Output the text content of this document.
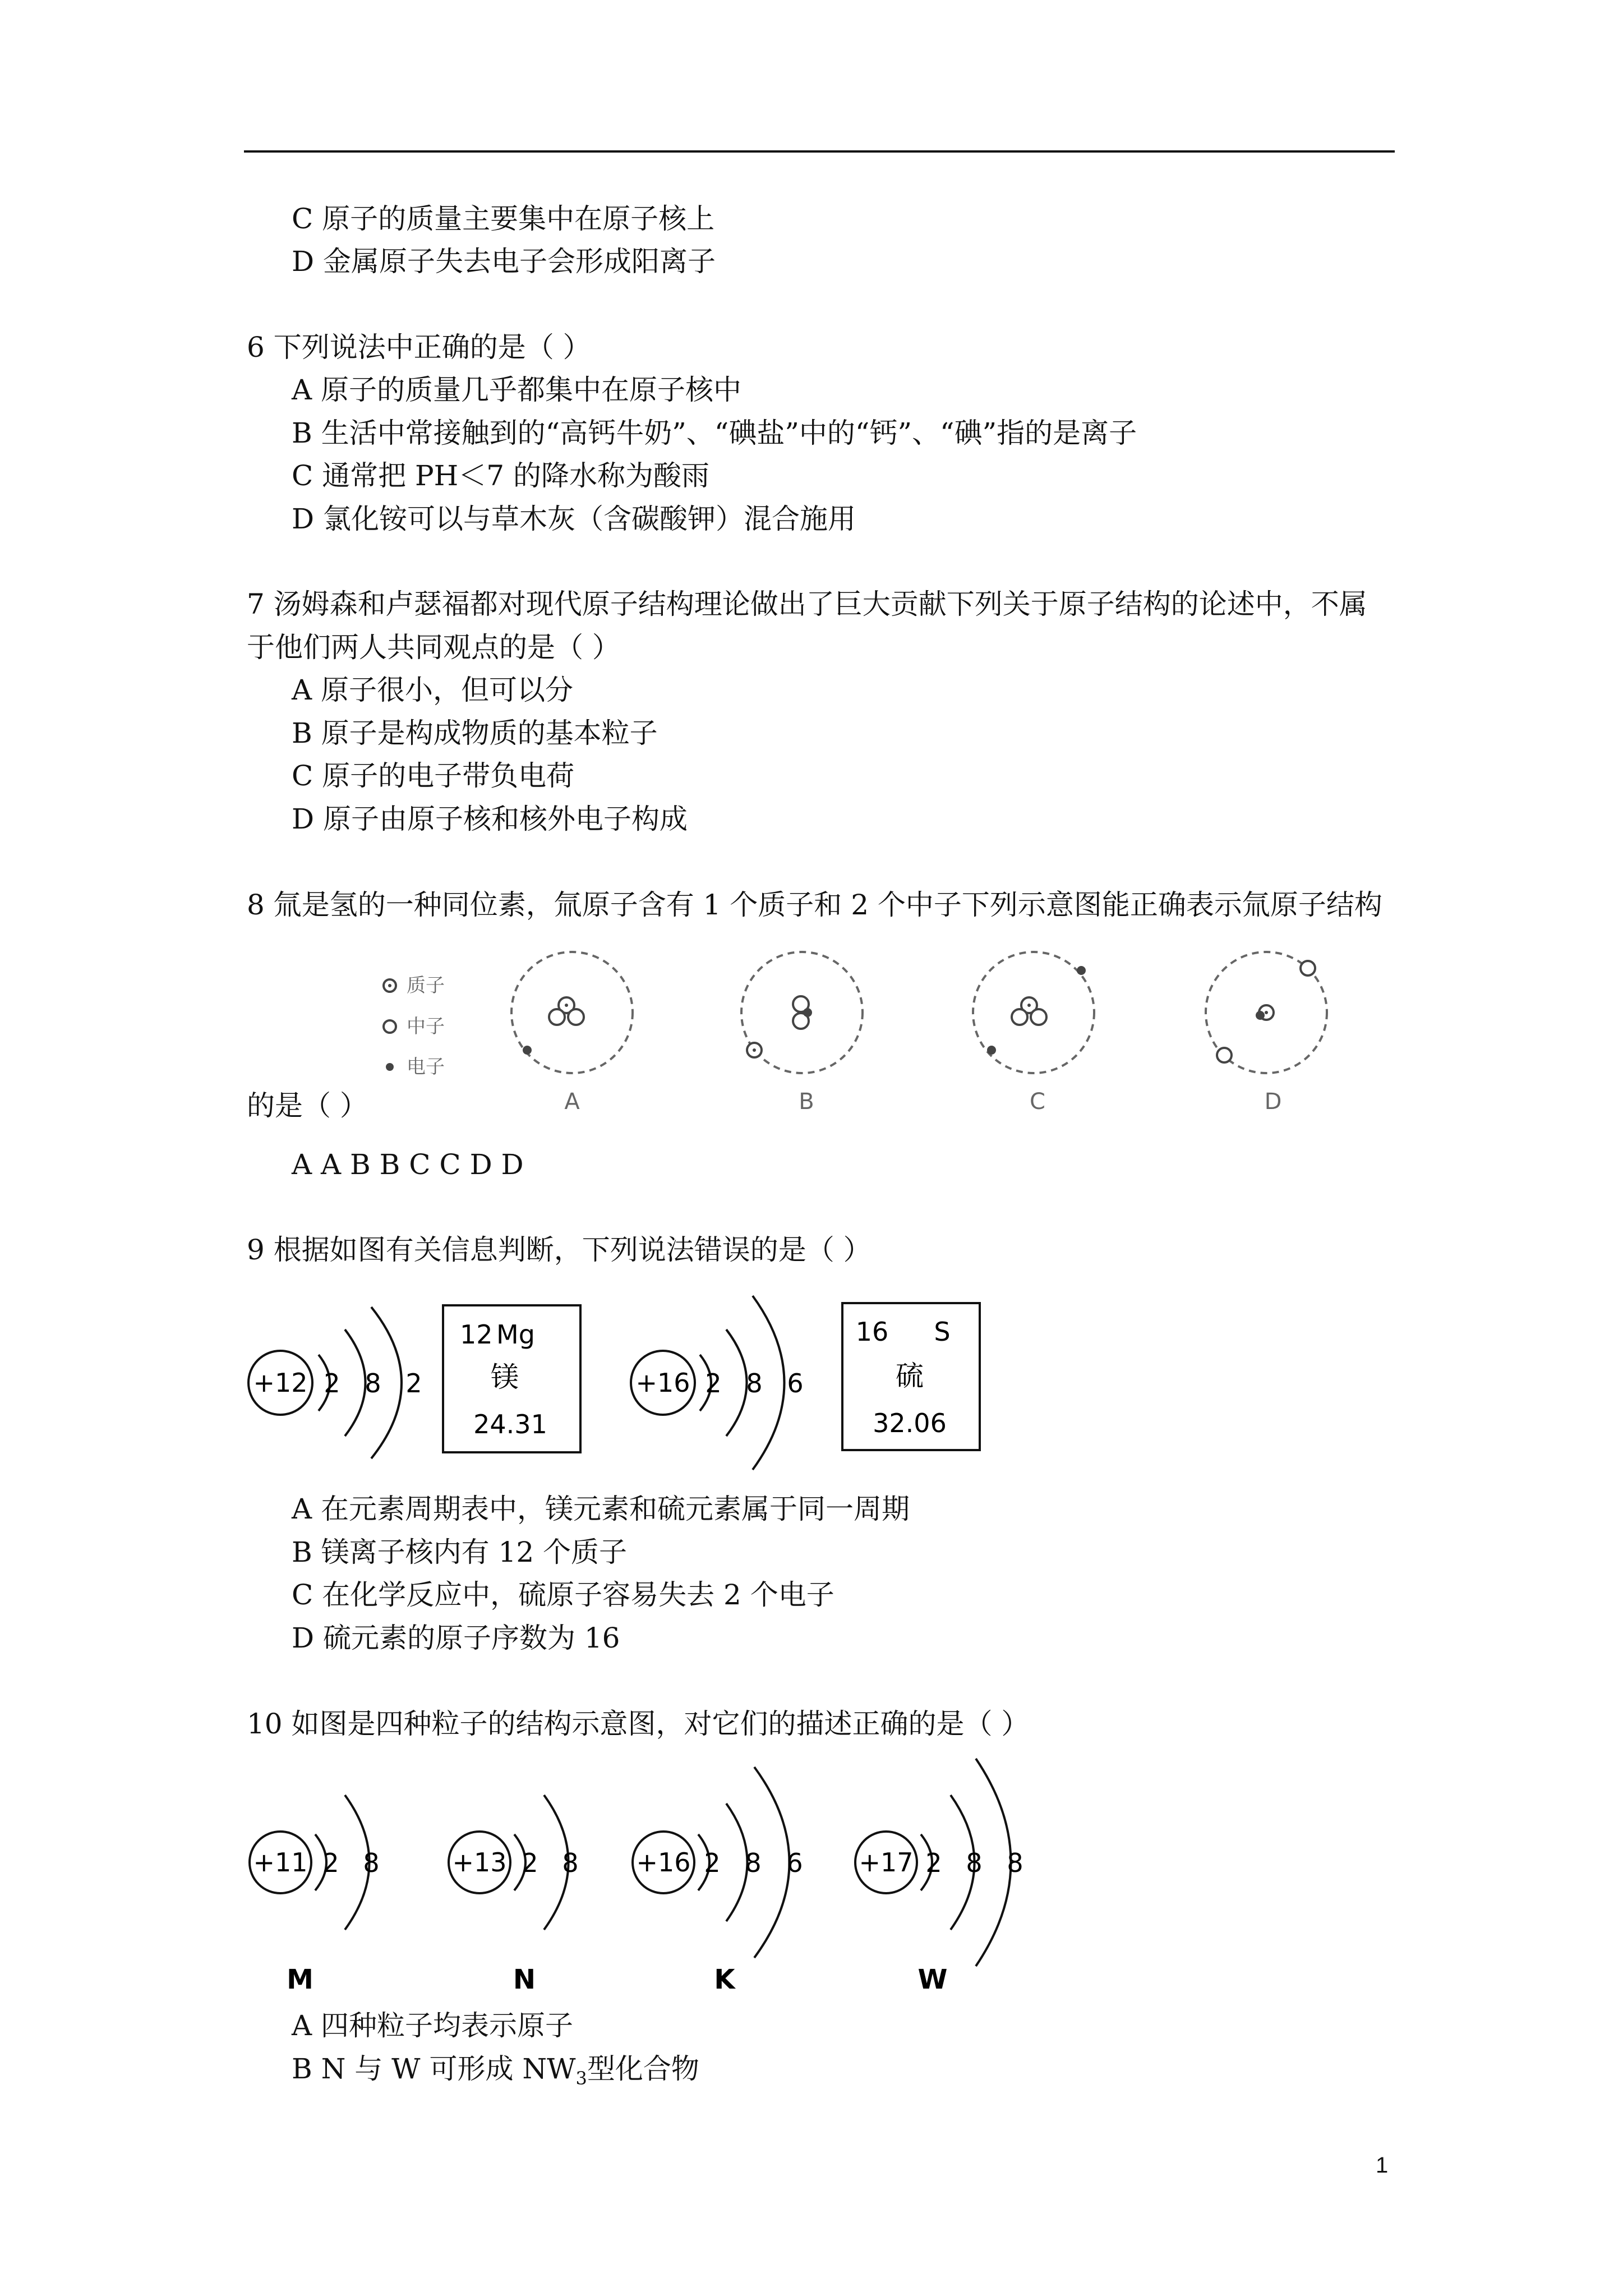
C 原子的质量主要集中在原子核上
D 金属原子失去电子会形成阳离子
6 下列说法中正确的是（ ）
A 原子的质量几乎都集中在原子核中
B 生活中常接触到的“高钙牛奶”、“碘盐”中的“钙”、“碘”指的是离子
C 通常把 PH＜7 的降水称为酸雨
D 氯化铵可以与草木灰（含碳酸钾）混合施用
7 汤姆森和卢瑟福都对现代原子结构理论做出了巨大贡献下列关于原子结构的论述中，不属
于他们两人共同观点的是（ ）
A 原子很小，但可以分
B 原子是构成物质的基本粒子
C 原子的电子带负电荷
D 原子由原子核和核外电子构成
8 氚是氢的一种同位素，氚原子含有 1 个质子和 2 个中子下列示意图能正确表示氚原子结构
质子
中子
电子
A	B	C	D
的是（ ）
A A B B C C D D
9 根据如图有关信息判断，下列说法错误的是（ ）
+12 2 8 2
12 Mg
镁
24.31
+16 2 8 6
16 S
硫
32.06
A 在元素周期表中，镁元素和硫元素属于同一周期
B 镁离子核内有 12 个质子
C 在化学反应中，硫原子容易失去 2 个电子
D 硫元素的原子序数为 16
10 如图是四种粒子的结构示意图，对它们的描述正确的是（ ）
+11 2 8
M
+13 2 8
N
+16 2 8 6
K
+17 2 8 8
W
A 四种粒子均表示原子
B N 与 W 可形成 $NW_3$型化合物
1
